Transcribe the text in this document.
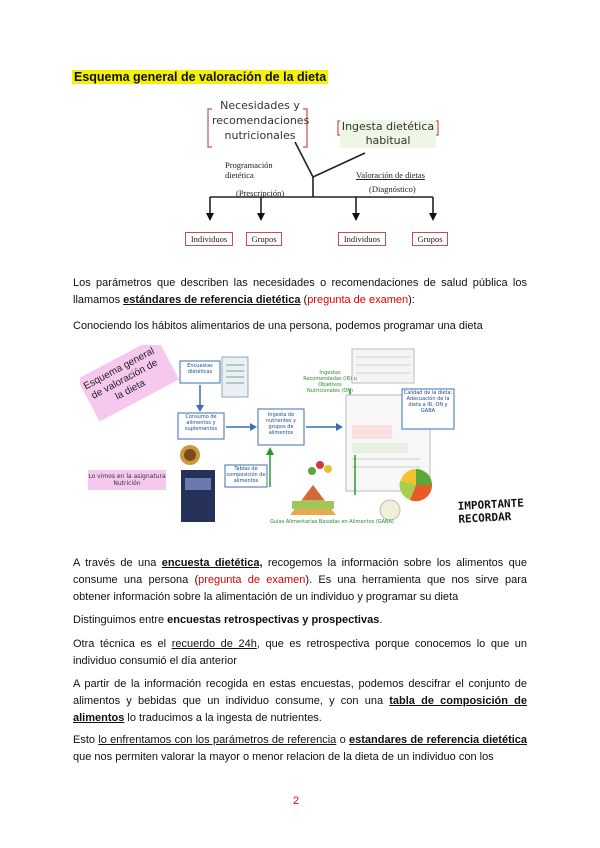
Esquema general de valoración de la dieta
Necesidades y recomendaciones nutricionales
Ingesta dietética habitual
Programación dietética
(Prescripción)
Valoración de dietas
(Diagnóstico)
Individuos	Grupos	Individuos	Grupos
Los parámetros que describen las necesidades o recomendaciones de salud pública los llamamos estándares de referencia dietética (pregunta de examen):
Conociendo los hábitos alimentarios de una persona, podemos programar una dieta
Esquema general de valoración de la dieta
Lo vimos en la asignatura Nutrición
Encuestas dietéticas
Consumo de alimentos y suplementos
Ingesta de nutrientes y grupos de alimentos
Tablas de composición de alimentos
Ingestas Recomendadas (IR) u Objetivos Nutricionales (ON)	Calidad de la dieta: Adecuación de la dieta a IR, ON y GABA
Guías Alimentarias Basadas en Alimentos (GABA)
IMPORTANTE RECORDAR
A través de una encuesta dietética, recogemos la información sobre los alimentos que consume una persona (pregunta de examen). Es una herramienta que nos sirve para obtener información sobre la alimentación de un individuo y programar su dieta
Distinguimos entre encuestas retrospectivas y prospectivas.
Otra técnica es el recuerdo de 24h, que es retrospectiva porque conocemos lo que un individuo consumió el día anterior
A partir de la información recogida en estas encuestas, podemos descifrar el conjunto de alimentos y bebidas que un individuo consume, y con una tabla de composición de alimentos lo traducimos a la ingesta de nutrientes.
Esto lo enfrentamos con los parámetros de referencia o estandares de referencia dietética que nos permiten valorar la mayor o menor relacion de la dieta de un individuo con los
2
